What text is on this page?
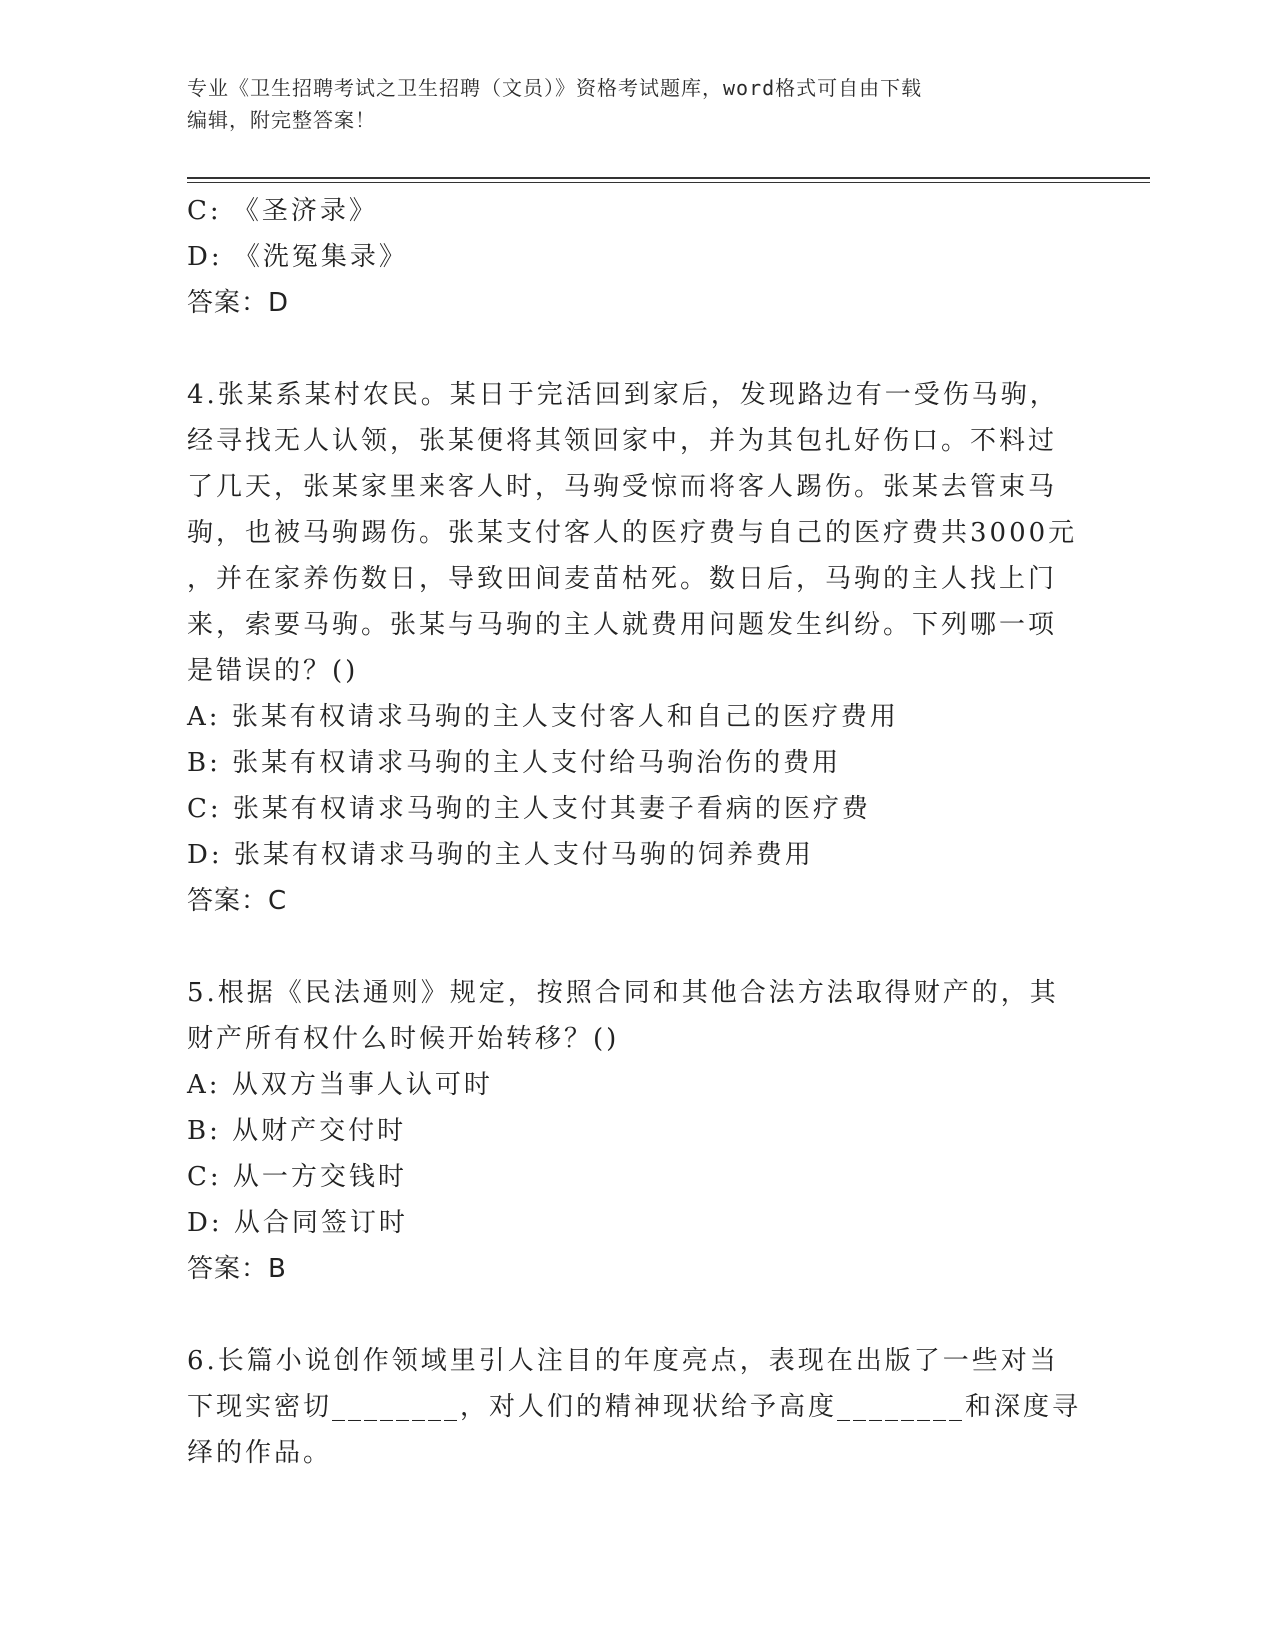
专业《卫生招聘考试之卫生招聘（文员）》资格考试题库，word格式可自由下载
编辑，附完整答案！
C: 《圣济录》
D: 《洗冤集录》
答案：D
4.张某系某村农民。某日于完活回到家后，发现路边有一受伤马驹，
经寻找无人认领，张某便将其领回家中，并为其包扎好伤口。不料过
了几天，张某家里来客人时，马驹受惊而将客人踢伤。张某去管束马
驹，也被马驹踢伤。张某支付客人的医疗费与自己的医疗费共3000元
，并在家养伤数日，导致田间麦苗枯死。数日后，马驹的主人找上门
来，索要马驹。张某与马驹的主人就费用问题发生纠纷。下列哪一项
是错误的？()
A: 张某有权请求马驹的主人支付客人和自己的医疗费用
B: 张某有权请求马驹的主人支付给马驹治伤的费用
C: 张某有权请求马驹的主人支付其妻子看病的医疗费
D: 张某有权请求马驹的主人支付马驹的饲养费用
答案：C
5.根据《民法通则》规定，按照合同和其他合法方法取得财产的，其
财产所有权什么时候开始转移？()
A: 从双方当事人认可时
B: 从财产交付时
C: 从一方交钱时
D: 从合同签订时
答案：B
6.长篇小说创作领域里引人注目的年度亮点，表现在出版了一些对当
下现实密切________，对人们的精神现状给予高度________和深度寻
绎的作品。
